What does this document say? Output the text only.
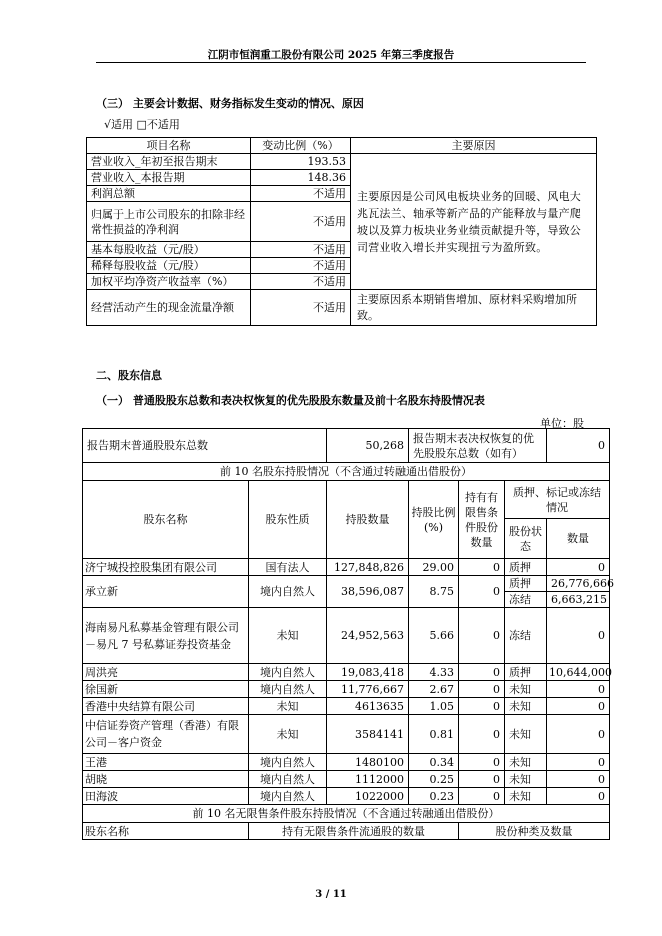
江阴市恒润重工股份有限公司 2025 年第三季度报告
（三） 主要会计数据、财务指标发生变动的情况、原因
√适用 □不适用
项目名称	变动比例（%）	主要原因
营业收入_年初至报告期末	193.53	主要原因是公司风电板块业务的回暖、风电大兆瓦法兰、轴承等新产品的产能释放与量产爬坡以及算力板块业务业绩贡献提升等，导致公司营业收入增长并实现扭亏为盈所致。
营业收入_本报告期	148.36	
利润总额	不适用	
归属于上市公司股东的扣除非经常性损益的净利润	不适用	
基本每股收益（元/股）	不适用	
稀释每股收益（元/股）	不适用	
加权平均净资产收益率（%）	不适用	
经营活动产生的现金流量净额	不适用	主要原因系本期销售增加、原材料采购增加所致。
二、股东信息
（一） 普通股股东总数和表决权恢复的优先股股东数量及前十名股东持股情况表
单位：股
报告期末普通股股东总数		50,268	报告期末表决权恢复的优先股股东总数（如有）			0
前 10 名股东持股情况（不含通过转融通出借股份）						
股东名称	股东性质	持股数量	持股比例(%)	持有有限售条件股份数量	质押、标记或冻结情况	
					股份状态	数量
济宁城投控股集团有限公司	国有法人	127,848,826	29.00	0	质押	0
承立新	境内自然人	38,596,087	8.75	0	质押	26,776,666
					冻结	6,663,215
海南易凡私募基金管理有限公司－易凡 7 号私募证券投资基金	未知	24,952,563	5.66	0	冻结	0
周洪亮	境内自然人	19,083,418	4.33	0	质押	10,644,000
徐国新	境内自然人	11,776,667	2.67	0	未知	0
香港中央结算有限公司	未知	4613635	1.05	0	未知	0
中信证券资产管理（香港）有限公司－客户资金	未知	3584141	0.81	0	未知	0
王港	境内自然人	1480100	0.34	0	未知	0
胡晓	境内自然人	1112000	0.25	0	未知	0
田海波	境内自然人	1022000	0.23	0	未知	0
前 10 名无限售条件股东持股情况（不含通过转融通出借股份）						
股东名称	持有无限售条件流通股的数量			股份种类及数量		
3 / 11
